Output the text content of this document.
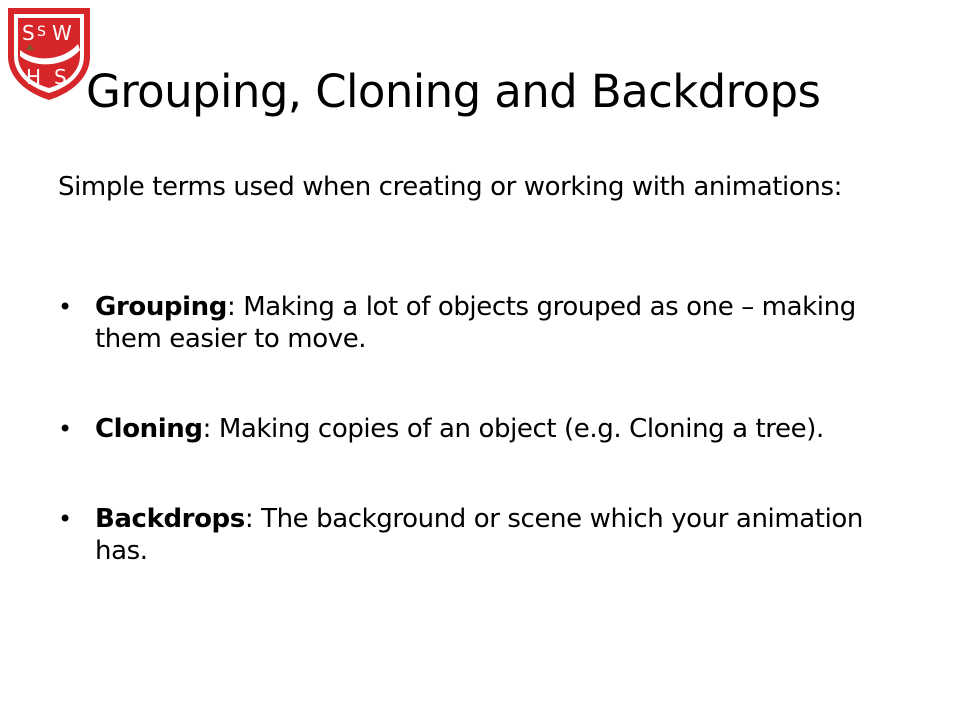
S S W
H S Grouping, Cloning and Backdrops
Simple terms used when creating or working with animations:
• Grouping: Making a lot of objects grouped as one – making them easier to move.
• Cloning: Making copies of an object (e.g. Cloning a tree).
• Backdrops: The background or scene which your animation has.
